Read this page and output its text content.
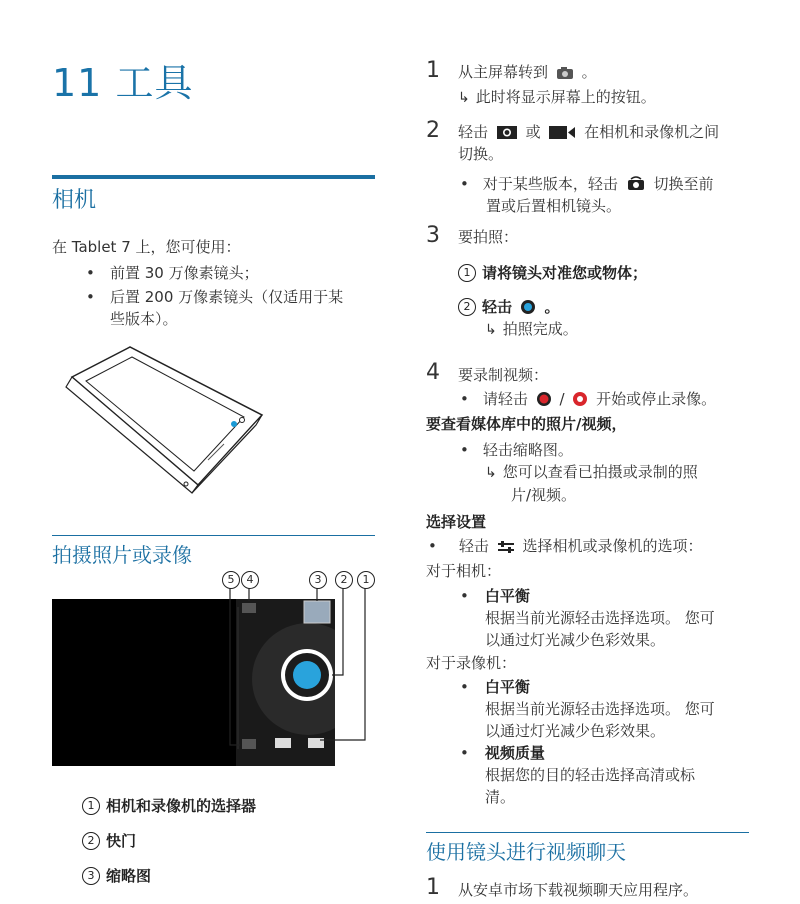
11 工具
相机
在 Tablet 7 上，您可使用：
• 前置 30 万像素镜头；
• 后置 200 万像素镜头（仅适用于某
些版本）。
拍摄照片或录像
5	4	3	2	1
1 相机和录像机的选择器
2 快门
3 缩略图
1 从主屏幕转到 。
↳ 此时将显示屏幕上的按钮。
2 轻击	或	在相机和录像机之间
切换。
• 对于某些版本，轻击 切换至前
置或后置相机镜头。
3 要拍照：
1 请将镜头对准您或物体；
2 轻击 。
↳ 拍照完成。
4 要录制视频：
• 请轻击 / 开始或停止录像。
要查看媒体库中的照片/视频，
• 轻击缩略图。
↳ 您可以查看已拍摄或录制的照
片/视频。
选择设置
• 轻击 选择相机或录像机的选项：
对于相机：
• 白平衡
根据当前光源轻击选择选项。 您可
以通过灯光减少色彩效果。
对于录像机：
• 白平衡
根据当前光源轻击选择选项。 您可
以通过灯光减少色彩效果。
• 视频质量
根据您的目的轻击选择高清或标
清。
使用镜头进行视频聊天
1 从安卓市场下载视频聊天应用程序。
